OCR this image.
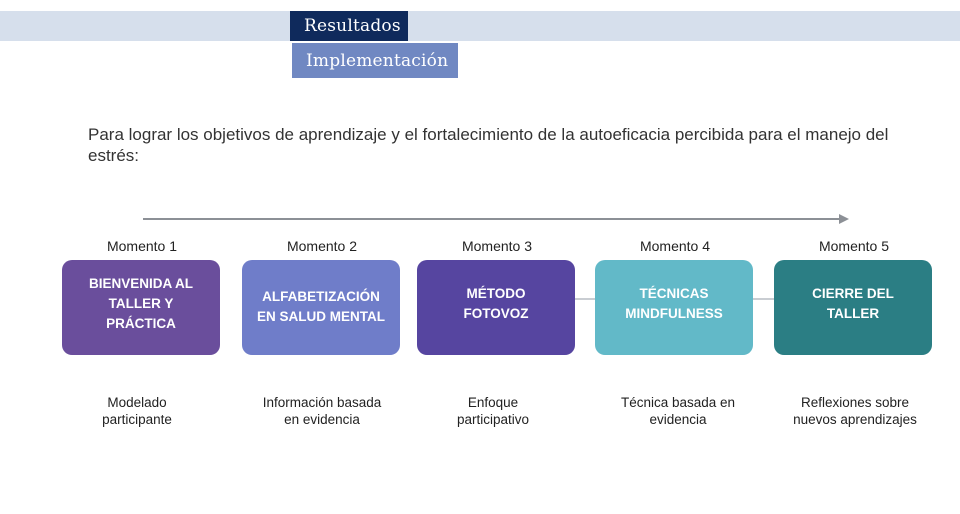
Resultados
Implementación

Para lograr los objetivos de aprendizaje y el fortalecimiento de la autoeficacia percibida para el manejo del estrés:

Momento 1
BIENVENIDA AL
TALLER Y
PRÁCTICA
Modelado
participante
Momento 2
ALFABETIZACIÓN
EN SALUD MENTAL
Información basada
en evidencia
Momento 3
MÉTODO
FOTOVOZ
Enfoque
participativo
Momento 4
TÉCNICAS
MINDFULNESS
Técnica basada en
evidencia
Momento 5
CIERRE DEL
TALLER
Reflexiones sobre
nuevos aprendizajes
